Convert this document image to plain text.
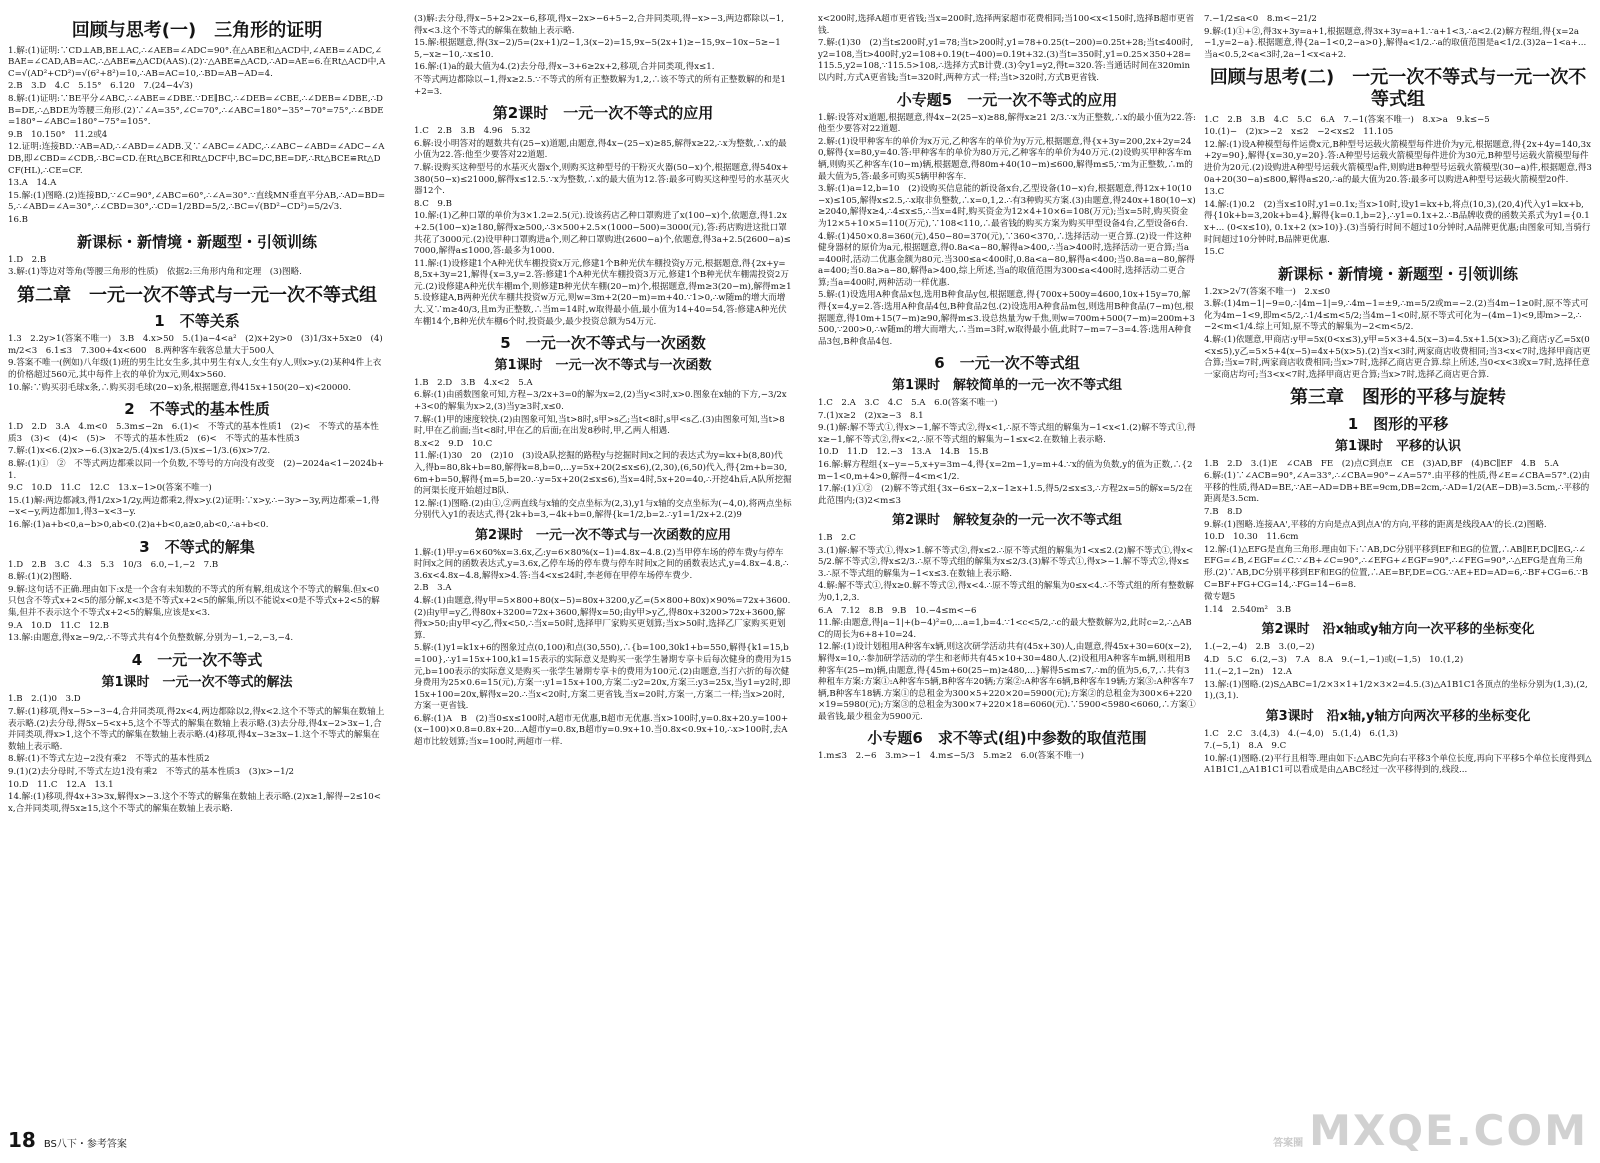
回顾与思考(一)　三角形的证明
1.解:(1)证明:∵CD⊥AB,BE⊥AC,∴∠AEB=∠ADC=90°.在△ABE和△ACD中,∠AEB=∠ADC,∠BAE=∠CAD,AB=AC,∴△ABE≌△ACD(AAS).(2)∵△ABE≌△ACD,∴AD=AE=6.在Rt△ACD中,AC=√(AD²+CD²)=√(6²+8²)=10,∴AB=AC=10,∴BD=AB−AD=4.
2.B　3.D　4.C　5.15°　6.120　7.(24−4√3)
8.解:(1)证明:∵BE平分∠ABC,∴∠ABE=∠DBE.∵DE∥BC,∴∠DEB=∠CBE,∴∠DEB=∠DBE,∴DB=DE,∴△BDE为等腰三角形.(2)∵∠A=35°,∠C=70°,∴∠ABC=180°−35°−70°=75°,∴∠BDE=180°−∠ABC=180°−75°=105°.
9.B　10.150°　11.2或4
12.证明:连接BD.∵AB=AD,∴∠ABD=∠ADB.又∵∠ABC=∠ADC,∴∠ABC−∠ABD=∠ADC−∠ADB,即∠CBD=∠CDB,∴BC=CD.在Rt△BCE和Rt△DCF中,BC=DC,BE=DF,∴Rt△BCE≌Rt△DCF(HL),∴CE=CF.
13.A　14.A
15.解:(1)图略.(2)连接BD,∵∠C=90°,∠ABC=60°,∴∠A=30°.∵直线MN垂直平分AB,∴AD=BD=5,∴∠ABD=∠A=30°,∴∠CBD=30°,∴CD=1/2BD=5/2,∴BC=√(BD²−CD²)=5/2√3.
16.B
新课标・新情境・新题型・引领训练
1.D　2.B
3.解:(1)等边对等角(等腰三角形的性质)　依据2:三角形内角和定理　(3)图略.
第二章　一元一次不等式与一元一次不等式组
1　不等关系
1.3　2.2y>1(答案不唯一)　3.B　4.x>50　5.(1)a−4<a²　(2)x+2y>0　(3)1/3x+5x≥0　(4)m/2<3　6.1≤3　7.300+4x<600　8.两种客车载客总量大于500人
9.答案不唯一(例如)八年级(1)班的男生比女生多,其中男生有x人,女生有y人,则x>y.(2)某种4件上衣的价格超过560元,其中每件上衣的单价为x元,则4x>560.
10.解:∵购买羽毛球x条,∴购买羽毛球(20−x)条,根据题意,得415x+150(20−x)<20000.
2　不等式的基本性质
1.D　2.D　3.A　4.m<0　5.3m≤−2n　6.(1)<　不等式的基本性质1　(2)<　不等式的基本性质3　(3)<　(4)<　(5)>　不等式的基本性质2　(6)<　不等式的基本性质3
7.解:(1)x<6.(2)x>−6.(3)x≥2/5.(4)x≤1/3.(5)x≤−1/3.(6)x>7/2.
8.解:(1)①　②　不等式两边都乘以同一个负数,不等号的方向没有改变　(2)−2024a<1−2024b+1.
9.C　10.D　11.C　12.C　13.x−1>0(答案不唯一)
15.(1)解:两边都减3,得1/2x>1/2y,两边都乘2,得x>y.(2)证明:∵x>y,∴−3y>−3y,两边都乘−1,得−x<−y,两边都加1,得3−x<3−y.
16.解:(1)a+b<0,a−b>0,ab<0.(2)a+b<0,a≥0,ab<0,∴a+b<0.
3　不等式的解集
1.D　2.B　3.C　4.3　5.3　10/3　6.0,−1,−2　7.B
8.解:(1)(2)图略.
9.解:这句话不正确.理由如下:x是一个含有未知数的不等式的所有解,组成这个不等式的解集.但x<0只包含不等式x+2<5的部分解,x<3是不等式x+2<5的解集,所以不能说x<0是不等式x+2<5的解集,但并不表示这个不等式x+2<5的解集,应该是x<3.
9.A　10.D　11.C　12.B
13.解:由题意,得x≥−9/2,∴不等式共有4个负整数解,分别为−1,−2,−3,−4.
4　一元一次不等式
第1课时　一元一次不等式的解法
1.B　2.(1)0　3.D
7.解:(1)移项,得x−5>−3−4,合并同类项,得2x<4,两边都除以2,得x<2.这个不等式的解集在数轴上表示略.(2)去分母,得5x−5<x+5,这个不等式的解集在数轴上表示略.(3)去分母,得4x−2>3x−1,合并同类项,得x>1,这个不等式的解集在数轴上表示略.(4)移项,得4x−3≥3x−1.这个不等式的解集在数轴上表示略.
8.解:(1)不等式左边−2没有乘2　不等式的基本性质2
9.(1)(2)去分母时,不等式左边1没有乘2　不等式的基本性质3　(3)x>−1/2
10.D　11.C　12.A　13.1
14.解:(1)移项,得4x+3>3x,解得x>−3.这个不等式的解集在数轴上表示略.(2)x≥1,解得−2≤10<x,合并同类项,得5x≥15,这个不等式的解集在数轴上表示略.
(3)解:去分母,得x−5+2>2x−6,移项,得x−2x>−6+5−2,合并同类项,得−x>−3,两边都除以−1,得x<3.这个不等式的解集在数轴上表示略.
15.解:根据题意,得(3x−2)/5=(2x+1)/2−1,3(x−2)=15,9x−5(2x+1)≥−15,9x−10x−5≥−15,−x≥−10,∴x≤10.
16.解:(1)a的最大值为4.(2)去分母,得x−3+6≥2x+2,移项,合并同类项,得x≤1.
不等式两边都除以−1,得x≥2.5.∵不等式的所有正整数解为1,2,∴该不等式的所有正整数解的和是1+2=3.
第2课时　一元一次不等式的应用
1.C　2.B　3.B　4.96　5.32
6.解:设小明答对的题数共有(25−x)道题,由题意,得4x−(25−x)≥85,解得x≥22,∴x为整数,∴x的最小值为22.答:他至少要答对22道题.
7.解:设购买这种型号的水基灭火器x个,则购买这种型号的干粉灭火器(50−x)个,根据题意,得540x+380(50−x)≤21000,解得x≤12.5.∵x为整数,∴x的最大值为12.答:最多可购买这种型号的水基灭火器12个.
8.C　9.B
10.解:(1)乙种口罩的单价为3×1.2=2.5(元).设该药店乙种口罩购进了x(100−x)个,依题意,得1.2x+2.5(100−x)≥180,解得x≥500,∴3×500+2.5×(1000−500)=3000(元),答:药店购进这批口罩共花了3000元.(2)设甲种口罩购进a个,则乙种口罩购进(2600−a)个,依题意,得3a+2.5(2600−a)≤7000,解得a≤1000,答:最多为1000.
11.解:(1)设修建1个A种光伏车棚投资x万元,修建1个B种光伏车棚投资y万元,根据题意,得{2x+y=8,5x+3y=21,解得{x=3,y=2.答:修建1个A种光伏车棚投资3万元,修建1个B种光伏车棚需投资2万元.(2)设修建A种光伏车棚m个,则修建B种光伏车棚(20−m)个,根据题意,得m≥3(20−m),解得m≥15.设修建A,B两种光伏车棚共投资w万元,则w=3m+2(20−m)=m+40.∵1>0,∴w随m的增大而增大.又∵m≥40/3,且m为正整数,∴当m=14时,w取得最小值,最小值为14+40=54,答:修建A种光伏车棚14个,B种光伏车棚6个时,投资最少,最少投资总额为54万元.
5　一元一次不等式与一次函数
第1课时　一元一次不等式与一次函数
1.B　2.D　3.B　4.x<2　5.A
6.解:(1)由函数图象可知,方程−3/2x+3=0的解为x=2,(2)当y<3时,x>0.图象在x轴的下方,−3/2x+3<0的解集为x>2,(3)当y≥3时,x≤0.
7.解:(1)甲的速度较快.(2)由图象可知,当t>8时,s甲>s乙;当t<8时,s甲<s乙.(3)由图象可知,当t>8时,甲在乙前面;当t<8时,甲在乙的后面;在出发8秒时,甲,乙两人相遇.
8.x<2　9.D　10.C
11.解:(1)30　20　(2)10　(3)设A队挖掘的路程y与挖掘时间x之间的表达式为y=kx+b(8,80)代入,得b=80,8k+b=80,解得k=8,b=0,...y=5x+20(2≤x≤6),(2,30),(6,50)代入,得{2m+b=30,6m+b=50,解得{m=5,b=20.∴y=5x+20(2≤x≤6),当x=4时,5x+20=40,∴开挖4h后,A队所挖掘的河渠长度开始超过B队.
12.解:(1)图略.(2)由①,②两直线与x轴的交点坐标为(2,3),y1与x轴的交点坐标为(−4,0),将两点坐标分别代入y1的表达式,得{2k+b=3,−4k+b=0,解得{k=1/2,b=2.∴y1=1/2x+2.(2)9
第2课时　一元一次不等式与一次函数的应用
1.解:(1)甲:y=6×60%x=3.6x,乙:y=6×80%(x−1)=4.8x−4.8.(2)当甲停车场的停车费y与停车时间x之间的函数表达式,y=3.6x,乙停车场的停车费与停车时间x之间的函数表达式,y=4.8x−4.8,∴3.6x<4.8x−4.8,解得x>4.答:当4<x≤24时,李老师在甲停车场停车费少.
2.B　3.A
4.解:(1)由题意,得y甲=5×800+80(x−5)=80x+3200,y乙=(5×800+80x)×90%=72x+3600.(2)由y甲=y乙,得80x+3200=72x+3600,解得x=50;由y甲>y乙,得80x+3200>72x+3600,解得x>50;由y甲<y乙,得x<50,∴当x=50时,选择甲厂家购买更划算;当x>50时,选择乙厂家购买更划算.
5.解:(1)y1=k1x+6的图象过点(0,100)和点(30,550),∴{b=100,30k1+b=550,解得{k1=15,b=100},∴y1=15x+100,k1=15表示的实际意义是购买一张学生暑期专享卡后每次健身的费用为15元,b=100表示的实际意义是购买一张学生暑期专享卡的费用为100元.(2)由题意,当打六折的每次健身费用为25×0.6=15(元),方案一:y1=15x+100,方案二:y2=20x,方案三:y3=25x,当y1=y2时,即15x+100=20x,解得x=20.∴当x<20时,方案二更省钱,当x=20时,方案一,方案二一样;当x>20时,方案一更省钱.
6.解:(1)A　B　(2)当0≤x≤100时,A超市无优惠,B超市无优惠.当x>100时,y=0.8x+20.y=100+(x−100)×0.8=0.8x+20...A超市y=0.8x,B超市y=0.9x+10.当0.8x<0.9x+10,∴x>100时,去A超市比较划算;当x=100时,两超市一样.
x<200时,选择A超市更省钱;当x=200时,选择两家超市花费相同;当100<x<150时,选择B超市更省钱.
7.解:(1)30　(2)当t≤200时,y1=78;当t>200时,y1=78+0.25(t−200)=0.25t+28;当t≤400时,y2=108,当t>400时,y2=108+0.19(t−400)=0.19t+32.(3)当t=350时,y1=0.25×350+28=115.5,y2=108,∵115.5>108,∴选择方式B计费.(3)令y1=y2,得t=320.答:当通话时间在320min以内时,方式A更省钱;当t=320时,两种方式一样;当t>320时,方式B更省钱.
小专题5　一元一次不等式的应用
1.解:设答对x道题,根据题意,得4x−2(25−x)≥88,解得x≥21 2/3.∵x为正整数,∴x的最小值为22.答:他至少要答对22道题.
2.解:(1)设甲种客车的单价为x万元,乙种客车的单价为y万元,根据题意,得{x+3y=200,2x+2y=240,解得{x=80,y=40.答:甲种客车的单价为80万元,乙种客车的单价为40万元.(2)设购买甲种客车m辆,则购买乙种客车(10−m)辆,根据题意,得80m+40(10−m)≤600,解得m≤5,∵m为正整数,∴m的最大值为5,答:最多可购买5辆甲种客车.
3.解:(1)a=12,b=10　(2)设购买信息能的新设备x台,乙型设备(10−x)台,根据题意,得12x+10(10−x)≤105,解得x≤2.5,∴x取非负整数,∴x=0,1,2.∴有3种购买方案.(3)由题意,得240x+180(10−x)≥2040,解得x≥4,∴4≤x≤5,∴当x=4时,购买资金为12×4+10×6=108(万元);当x=5时,购买资金为12×5+10×5=110(万元),∵108<110,∴最省钱的购买方案为购买甲型设备4台,乙型设备6台.
4.解:(1)450×0.8=360(元),450−80=370(元),∵360<370,∴选择活动一更合算.(2)设一件这种健身器材的原价为a元,根据题意,得0.8a<a−80,解得a>400,∴当a>400时,选择活动一更合算;当a=400时,活动二优惠金额为80元.当300≤a<400时,0.8a<a−80,解得a<400;当0.8a=a−80,解得a=400;当0.8a>a−80,解得a>400,综上所述,当a的取值范围为300≤a<400时,选择活动二更合算;当a=400时,两种活动一样优惠.
5.解:(1)设选用A种食品x包,选用B种食品y包,根据题意,得{700x+500y=4600,10x+15y=70,解得{x=4,y=2.答:选用A种食品4包,B种食品2包.(2)设选用A种食品m包,则选用B种食品(7−m)包,根据题意,得10m+15(7−m)≥90,解得m≤3.设总热量为w千焦,则w=700m+500(7−m)=200m+3500,∵200>0,∴w随m的增大而增大,∴当m=3时,w取得最小值,此时7−m=7−3=4.答:选用A种食品3包,B种食品4包.
6　一元一次不等式组
第1课时　解较简单的一元一次不等式组
1.C　2.A　3.C　4.C　5.A　6.0(答案不唯一)
7.(1)x≥2　(2)x≥−3　8.1
9.(1)解:解不等式①,得x>−1,解不等式②,得x<1,∴原不等式组的解集为−1<x<1.(2)解不等式①,得x≥−1,解不等式②,得x<2,∴原不等式组的解集为−1≤x<2.在数轴上表示略.
10.D　11.D　12.−3　13.A　14.B　15.B
16.解:解方程组{x−y=−5,x+y=3m−4,得{x=2m−1,y=m+4.∵x的值为负数,y的值为正数,∴{2m−1<0,m+4>0,解得−4<m<1/2.
17.解:(1)①②　(2)解不等式组{3x−6≤x−2,x−1≥x+1.5,得5/2≤x≤3,∴方程2x=5的解x=5/2在此范围内;(3)2<m≤3
第2课时　解较复杂的一元一次不等式组
1.B　2.C
3.(1)解:解不等式①,得x>1.解不等式②,得x≤2.∴原不等式组的解集为1<x≤2.(2)解不等式①,得x<5/2.解不等式②,得x≤2/3.∴原不等式组的解集为x≤2/3.(3)解不等式①,得x>−1.解不等式②,得x≤3.∴原不等式组的解集为−1<x≤3.在数轴上表示略.
4.解:解不等式①,得x≥0.解不等式②,得x<4.∴原不等式组的解集为0≤x<4.∴不等式组的所有整数解为0,1,2,3.
6.A　7.12　8.B　9.B　10.−4≤m<−6
11.解:由题意,得|a−1|+(b−4)²=0,...a=1,b=4.∵1<c<5/2,∴c的最大整数解为2,此时c=2,∴△ABC的周长为6+8+10=24.
12.解:(1)设计划租用A种客车x辆,则这次研学活动共有(45x+30)人,由题意,得45x+30=60(x−2),解得x=10,∴参加研学活动的学生和老师共有45×10+30=480人.(2)设租用A种客车m辆,则租用B种客车(25−m)辆,由题意,得{45m+60(25−m)≥480,...}解得5≤m≤7,∴m的值为5,6,7,∴共有3种租车方案:方案①:A种客车5辆,B种客车20辆;方案②:A种客车6辆,B种客车19辆;方案③:A种客车7辆,B种客车18辆.方案①的总租金为300×5+220×20=5900(元);方案②的总租金为300×6+220×19=5980(元);方案③的总租金为300×7+220×18=6060(元).∵5900<5980<6060,∴方案①最省钱,最少租金为5900元.
小专题6　求不等式(组)中参数的取值范围
1.m≤3　2.−6　3.m>−1　4.m≤−5/3　5.m≥2　6.0(答案不唯一)
7.−1/2≤a<0　8.m<−21/2
9.解:(1)①+②,得3x+3y=a+1,根据题意,得3x+3y=a+1.∵a+1<3,∴a<2.(2)解方程组,得{x=2a−1,y=2−a}.根据题意,得{2a−1<0,2−a>0},解得a<1/2.∴a的取值范围是a<1/2.(3)2a−1<a+... 当a<0.5,2<a<3时,2a−1<x<a+2.
回顾与思考(二)　一元一次不等式与一元一次不等式组
1.C　2.B　3.B　4.C　5.C　6.A　7.−1(答案不唯一)　8.x>a　9.k≤−5
10.(1)−　(2)x>−2　x≤2　−2<x≤2　11.105
12.解:(1)设A种模型每件运费x元,B种型号运载火箭模型每件进价为y元,根据题意,得{2x+4y=140,3x+2y=90},解得{x=30,y=20}.答:A种型号运载火箭模型每件进价为30元,B种型号运载火箭模型每件进价为20元.(2)设购进A种型号运载火箭模型a件,则购进B种型号运载火箭模型(30−a)件,根据题意,得30a+20(30−a)≤800,解得a≤20,∴a的最大值为20.答:最多可以购进A种型号运载火箭模型20件.
13.C
14.解:(1)0.2　(2)当x≤10时,y1=0.1x;当x>10时,设y1=kx+b,将点(10,3),(20,4)代入y1=kx+b,得{10k+b=3,20k+b=4},解得{k=0.1,b=2},∴y1=0.1x+2.∴B品牌收费的函数关系式为y1={0.1x+... (0<x≤10), 0.1x+2 (x>10)}.(3)当骑行时间不超过10分钟时,A品牌更优惠;由图象可知,当骑行时间超过10分钟时,B品牌更优惠.
15.C
新课标・新情境・新题型・引领训练
1.2x>2√7(答案不唯一)　2.x≤0
3.解:(1)4m−1|−9=0,∴|4m−1|=9,∴4m−1=±9,∴m=5/2或m=−2.(2)当4m−1≥0时,原不等式可化为4m−1<9,即m<5/2,∴1/4≤m<5/2;当4m−1<0时,原不等式可化为−(4m−1)<9,即m>−2,∴−2<m<1/4.综上可知,原不等式的解集为−2<m<5/2.
4.解:(1)依题意,甲商店:y甲=5x(0<x≤3),y甲=5×3+4.5(x−3)=4.5x+1.5(x>3);乙商店:y乙=5x(0<x≤5),y乙=5×5+4(x−5)=4x+5(x>5).(2)当x<3时,两家商店收费相同;当3<x<7时,选择甲商店更合算;当x=7时,两家商店收费相同;当x>7时,选择乙商店更合算.综上所述,当0<x<3或x=7时,选择任意一家商店均可;当3<x<7时,选择甲商店更合算;当x>7时,选择乙商店更合算.
第三章　图形的平移与旋转
1　图形的平移
第1课时　平移的认识
1.B　2.D　3.(1)E　∠CAB　FE　(2)点C到点E　CE　(3)AD,BF　(4)BC∥EF　4.B　5.A
6.解:(1)∵∠ACB=90°,∠A=33°,∴∠CBA=90°−∠A=57°.由平移的性质,得∠E=∠CBA=57°.(2)由平移的性质,得AD=BE,∵AE−AD=DB+BE=9cm,DB=2cm,∴AD=1/2(AE−DB)=3.5cm,∴平移的距离是3.5cm.
7.B　8.D
9.解:(1)图略.连接AA',平移的方向是点A到点A'的方向,平移的距离是线段AA'的长.(2)图略.
10.D　10.30　11.6cm
12.解:(1)△EFG是直角三角形.理由如下:∵AB,DC分别平移到EF和EG的位置,∴AB∥EF,DC∥EG,∴∠EFG=∠B,∠EGF=∠C.∵∠B+∠C=90°,∴∠EFG+∠EGF=90°,∴∠FEG=90°,∴△EFG是直角三角形.(2)∵AB,DC分别平移到EF和EG的位置,∴AE=BF,DE=CG.∵AE+ED=AD=6,∴BF+CG=6.∵BC=BF+FG+CG=14,∴FG=14−6=8.
微专题5
1.14　2.540m²　3.B
第2课时　沿x轴或y轴方向一次平移的坐标变化
1.(−2,−4)　2.B　3.(0,−2)
4.D　5.C　6.(2,−3)　7.A　8.A　9.(−1,−1)或(−1,5)　10.(1,2)
11.(−2,1−2n)　12.A
13.解:(1)图略.(2)S△ABC=1/2×3×1+1/2×3×2=4.5.(3)△A1B1C1各顶点的坐标分别为(1,3),(2,1),(3,1).
第3课时　沿x轴,y轴方向两次平移的坐标变化
1.C　2.C　3.(4,3)　4.(−4,0)　5.(1,4)　6.(1,3)
7.(−5,1)　8.A　9.C
10.解:(1)图略.(2)平行且相等.理由如下:△ABC先向右平移3个单位长度,再向下平移5个单位长度得到△A1B1C1,△A1B1C1可以看成是由△ABC经过一次平移得到的,线段...
18 BS八下・参考答案	答案圈 MXQE.COM
